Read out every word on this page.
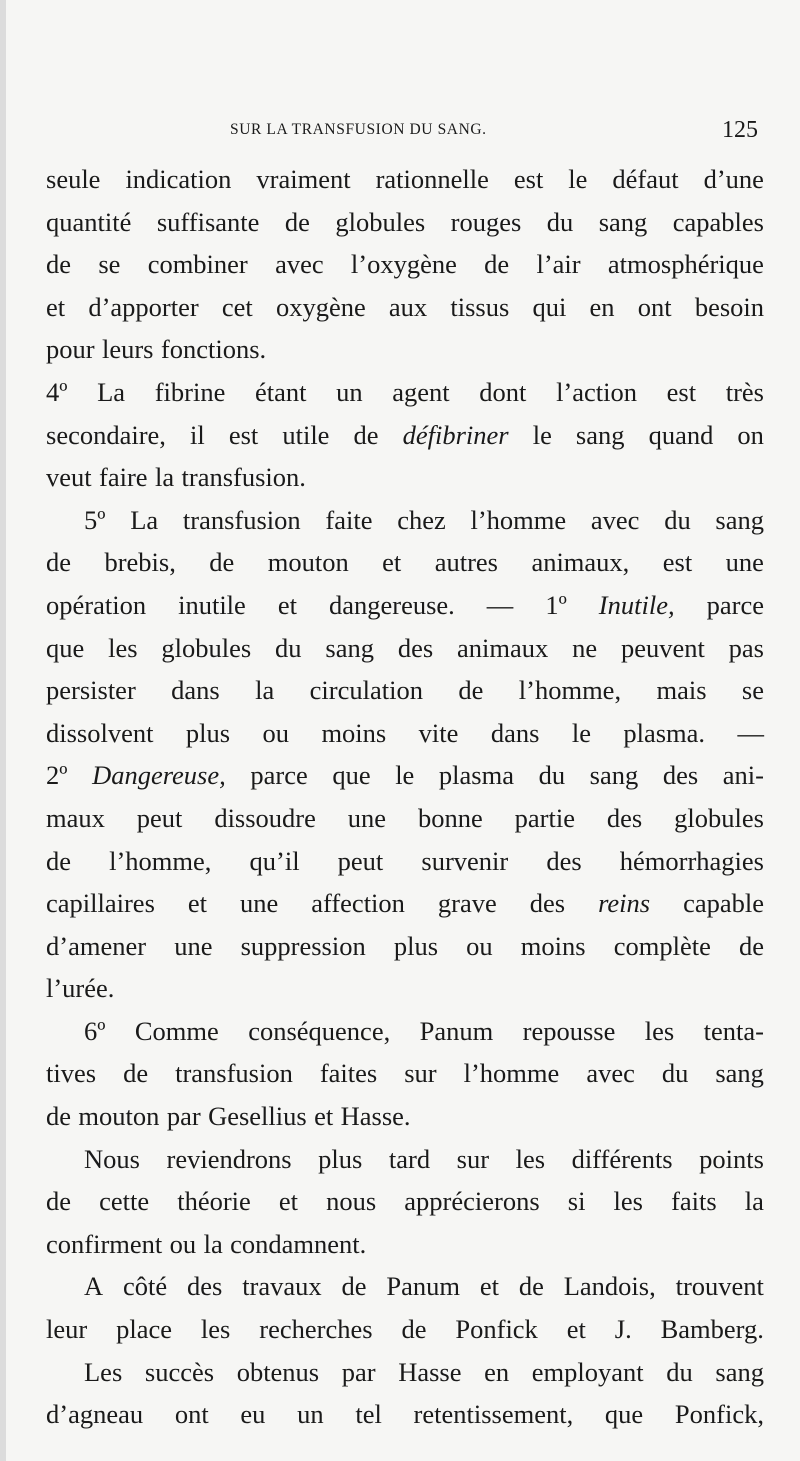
SUR LA TRANSFUSION DU SANG.	125
seule indication vraiment rationnelle est le défaut d’une
quantité suffisante de globules rouges du sang capables
de se combiner avec l’oxygène de l’air atmosphérique
et d’apporter cet oxygène aux tissus qui en ont besoin
pour leurs fonctions.
4º La fibrine étant un agent dont l’action est très
secondaire, il est utile de défibriner le sang quand on
veut faire la transfusion.
5º La transfusion faite chez l’homme avec du sang
de brebis, de mouton et autres animaux, est une
opération inutile et dangereuse. — 1º Inutile, parce
que les globules du sang des animaux ne peuvent pas
persister dans la circulation de l’homme, mais se
dissolvent plus ou moins vite dans le plasma. —
2º Dangereuse, parce que le plasma du sang des ani-
maux peut dissoudre une bonne partie des globules
de l’homme, qu’il peut survenir des hémorrhagies
capillaires et une affection grave des reins capable
d’amener une suppression plus ou moins complète de
l’urée.
6º Comme conséquence, Panum repousse les tenta-
tives de transfusion faites sur l’homme avec du sang
de mouton par Gesellius et Hasse.
Nous reviendrons plus tard sur les différents points
de cette théorie et nous apprécierons si les faits la
confirment ou la condamnent.
A côté des travaux de Panum et de Landois, trouvent
leur place les recherches de Ponfick et J. Bamberg.
Les succès obtenus par Hasse en employant du sang
d’agneau ont eu un tel retentissement, que Ponfick,
